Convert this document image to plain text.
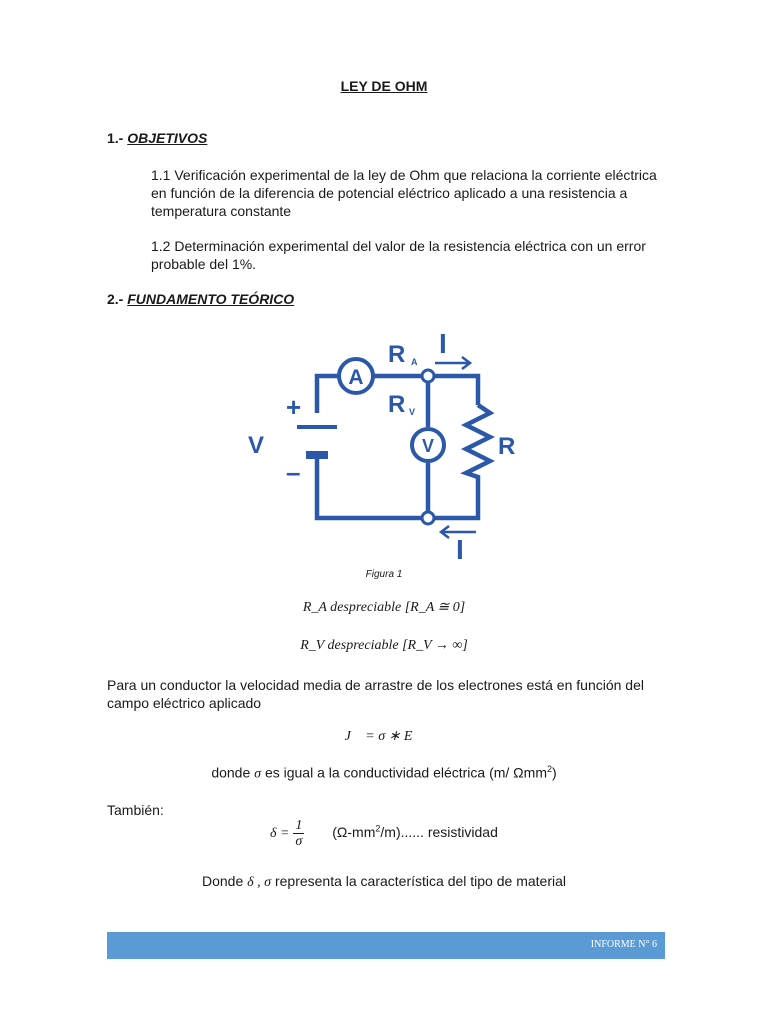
LEY DE OHM
1.- OBJETIVOS
1.1 Verificación experimental de la ley de Ohm que relaciona la corriente eléctrica en función de la diferencia de potencial eléctrico aplicado a una resistencia a temperatura constante
1.2 Determinación experimental del valor de la resistencia eléctrica con un error probable del 1%.
2.- FUNDAMENTO TEÓRICO
A
V
V
+
–
R A
R V
R
I
I
Figura 1
R_A despreciable [R_A ≅ 0]
R_V despreciable [R_V → ∞]
Para un conductor la velocidad media de arrastre de los electrones está en función del campo eléctrico aplicado
J⃗ = σ ∗ E⃗
donde σ es igual a la conductividad eléctrica (m/ Ωmm$^2$)
También:
$\delta = \frac{1}{\sigma} (\Omega-mm^2/m)$...... resistividad
Donde δ , σ representa la característica del tipo de material
INFORME N° 6
